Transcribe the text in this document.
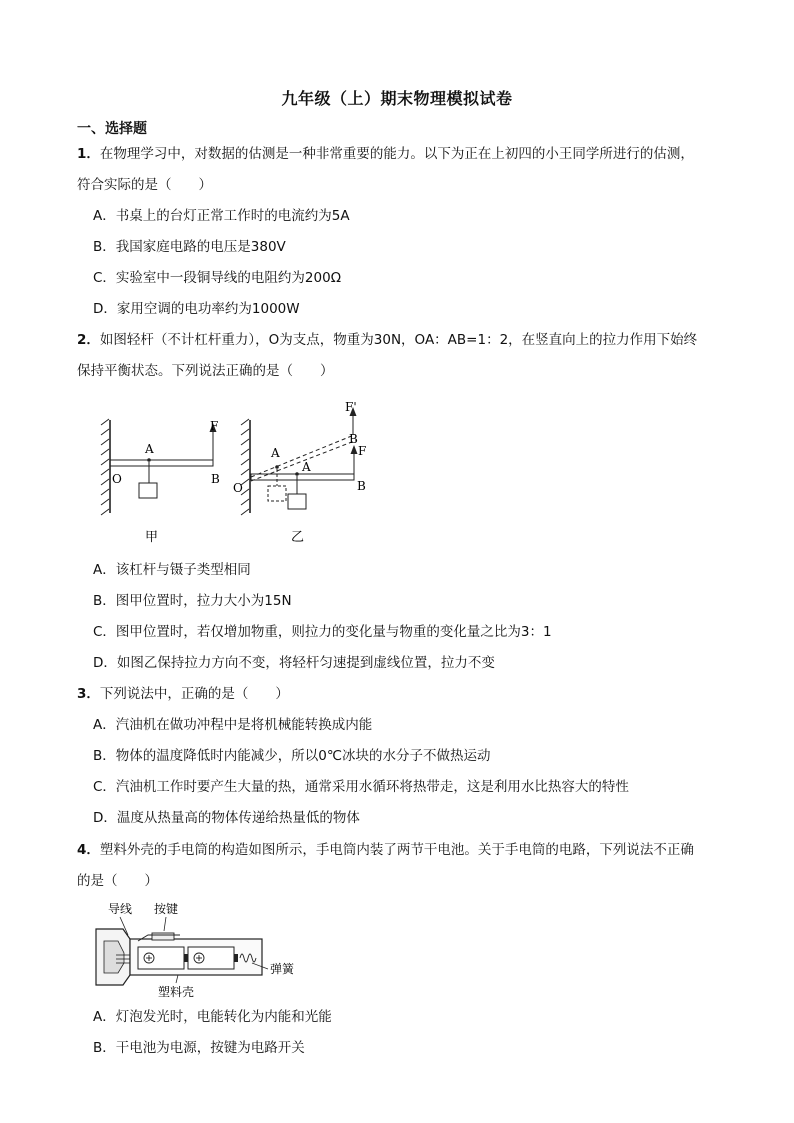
九年级（上）期末物理模拟试卷
一、选择题
1．在物理学习中，对数据的估测是一种非常重要的能力。以下为正在上初四的小王同学所进行的估测，
符合实际的是（　　）
A．书桌上的台灯正常工作时的电流约为5A
B．我国家庭电路的电压是380V
C．实验室中一段铜导线的电阻约为200Ω
D．家用空调的电功率约为1000W
2．如图轻杆（不计杠杆重力），O为支点，物重为30N，OA：AB=1：2，在竖直向上的拉力作用下始终
保持平衡状态。下列说法正确的是（　　）
A
O	B
F
甲
A
A
O	B
B
F
F'
乙
A．该杠杆与镊子类型相同
B．图甲位置时，拉力大小为15N
C．图甲位置时，若仅增加物重，则拉力的变化量与物重的变化量之比为3：1
D．如图乙保持拉力方向不变，将轻杆匀速提到虚线位置，拉力不变
3．下列说法中，正确的是（　　）
A．汽油机在做功冲程中是将机械能转换成内能
B．物体的温度降低时内能减少，所以0℃冰块的水分子不做热运动
C．汽油机工作时要产生大量的热，通常采用水循环将热带走，这是利用水比热容大的特性
D．温度从热量高的物体传递给热量低的物体
4．塑料外壳的手电筒的构造如图所示，手电筒内装了两节干电池。关于手电筒的电路，下列说法不正确
的是（　　）
导线 按键
弹簧
塑料壳
A．灯泡发光时，电能转化为内能和光能
B．干电池为电源，按键为电路开关
